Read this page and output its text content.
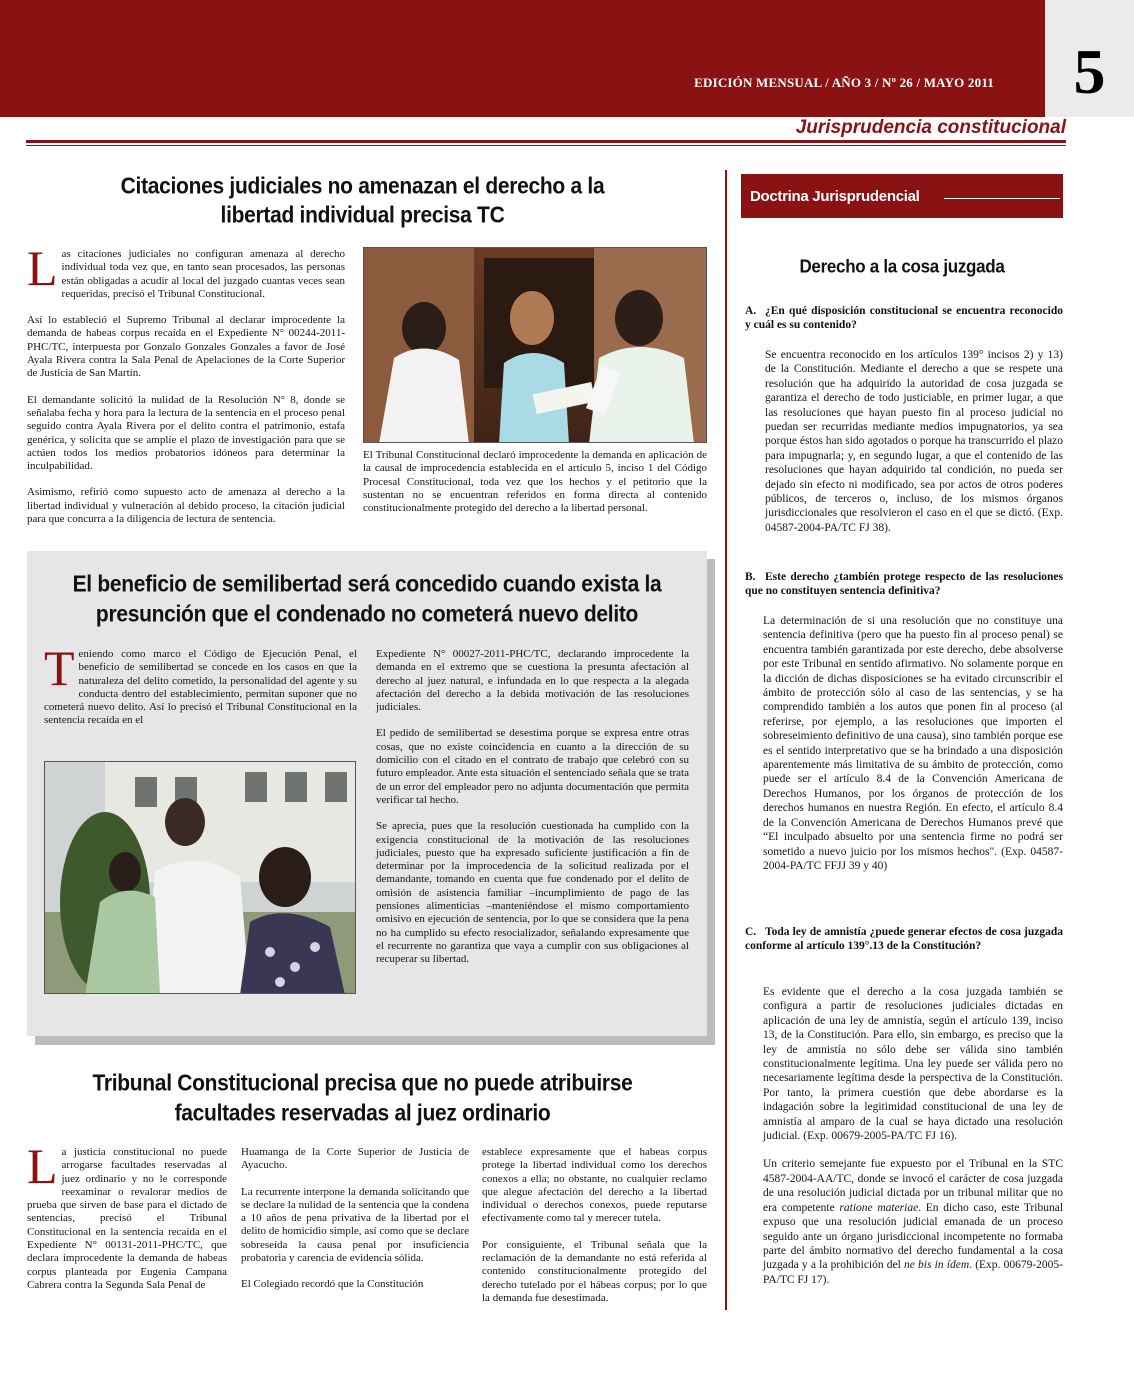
EDICIÓN MENSUAL / AÑO 3 / Nº 26 / MAYO 2011	5
Jurisprudencia constitucional
Citaciones judiciales no amenazan el derecho a la
libertad individual precisa TC

Las citaciones judiciales no configuran amenaza al derecho individual toda vez que, en tanto sean procesados, las personas están obligadas a acudir al local del juzgado cuantas veces sean requeridas, precisó el Tribunal Constitucional.

Así lo estableció el Supremo Tribunal al declarar improcedente la demanda de habeas corpus recaída en el Expediente N° 00244-2011-PHC/TC, interpuesta por Gonzalo Gonzales Gonzales a favor de José Ayala Rivera contra la Sala Penal de Apelaciones de la Corte Superior de Justicia de San Martín.

El demandante solicitó la nulidad de la Resolución N° 8, donde se señalaba fecha y hora para la lectura de la sentencia en el proceso penal seguido contra Ayala Rivera por el delito contra el patrimonio, estafa genérica, y solicita que se amplíe el plazo de investigación para que se actúen todos los medios probatorios idóneos para determinar la inculpabilidad.

Asimismo, refirió como supuesto acto de amenaza al derecho a la libertad individual y vulneración al debido proceso, la citación judicial para que concurra a la diligencia de lectura de sentencia.

El Tribunal Constitucional declaró improcedente la demanda en aplicación de la causal de improcedencia establecida en el artículo 5, inciso 1 del Código Procesal Constitucional, toda vez que los hechos y el petitorio que la sustentan no se encuentran referidos en forma directa al contenido constitucionalmente protegido del derecho a la libertad personal.
El beneficio de semilibertad será concedido cuando exista la
presunción que el condenado no cometerá nuevo delito

Teniendo como marco el Código de Ejecución Penal, el beneficio de semilibertad se concede en los casos en que la naturaleza del delito cometido, la personalidad del agente y su conducta dentro del establecimiento, permitan suponer que no cometerá nuevo delito. Así lo precisó el Tribunal Constitucional en la sentencia recaída en el

Expediente N° 00027-2011-PHC/TC, declarando improcedente la demanda en el extremo que se cuestiona la presunta afectación al derecho al juez natural, e infundada en lo que respecta a la alegada afectación del derecho a la debida motivación de las resoluciones judiciales.

El pedido de semilibertad se desestima porque se expresa entre otras cosas, que no existe coincidencia en cuanto a la dirección de su domicilio con el citado en el contrato de trabajo que celebró con su futuro empleador. Ante esta situación el sentenciado señala que se trata de un error del empleador pero no adjunta documentación que permita verificar tal hecho.

Se aprecia, pues que la resolución cuestionada ha cumplido con la exigencia constitucional de la motivación de las resoluciones judiciales, puesto que ha expresado suficiente justificación a fin de determinar por la improcedencia de la solicitud realizada por el demandante, tomando en cuenta que fue condenado por el delito de omisión de asistencia familiar –incumplimiento de pago de las pensiones alimenticias –manteniéndose el mismo comportamiento omisivo en ejecución de sentencia, por lo que se considera que la pena no ha cumplido su efecto resocializador, señalando expresamente que el recurrente no garantiza que vaya a cumplir con sus obligaciones al recuperar su libertad.

Tribunal Constitucional precisa que no puede atribuirse
facultades reservadas al juez ordinario

La justicia constitucional no puede arrogarse facultades reservadas al juez ordinario y no le corresponde reexaminar o revalorar medios de prueba que sirven de base para el dictado de sentencias, precisó el Tribunal Constitucional en la sentencia recaída en el Expediente N° 00131-2011-PHC/TC, que declara improcedente la demanda de habeas corpus planteada por Eugenia Campana Cabrera contra la Segunda Sala Penal de

Huamanga de la Corte Superior de Justicia de Ayacucho.

La recurrente interpone la demanda solicitando que se declare la nulidad de la sentencia que la condena a 10 años de pena privativa de la libertad por el delito de homicidio simple, así como que se declare sobreseída la causa penal por insuficiencia probatoria y carencia de evidencia sólida.

El Colegiado recordó que la Constitución

establece expresamente que el habeas corpus protege la libertad individual como los derechos conexos a ella; no obstante, no cualquier reclamo que alegue afectación del derecho a la libertad individual o derechos conexos, puede reputarse efectivamente como tal y merecer tutela.

Por consiguiente, el Tribunal señala que la reclamación de la demandante no está referida al contenido constitucionalmente protegido del derecho tutelado por el hábeas corpus; por lo que la demanda fue desestimada.

Doctrina Jurisprudencial
Derecho a la cosa juzgada
A. ¿En qué disposición constitucional se encuentra reconocido y cuál es su contenido?

Se encuentra reconocido en los artículos 139° incisos 2) y 13) de la Constitución. Mediante el derecho a que se respete una resolución que ha adquirido la autoridad de cosa juzgada se garantiza el derecho de todo justiciable, en primer lugar, a que las resoluciones que hayan puesto fin al proceso judicial no puedan ser recurridas mediante medios impugnatorios, ya sea porque éstos han sido agotados o porque ha transcurrido el plazo para impugnarla; y, en segundo lugar, a que el contenido de las resoluciones que hayan adquirido tal condición, no pueda ser dejado sin efecto ni modificado, sea por actos de otros poderes públicos, de terceros o, incluso, de los mismos órganos jurisdiccionales que resolvieron el caso en el que se dictó. (Exp. 04587-2004-PA/TC FJ 38).

B. Este derecho ¿también protege respecto de las resoluciones que no constituyen sentencia definitiva?

La determinación de si una resolución que no constituye una sentencia definitiva (pero que ha puesto fin al proceso penal) se encuentra también garantizada por este derecho, debe absolverse por este Tribunal en sentido afirmativo. No solamente porque en la dicción de dichas disposiciones se ha evitado circunscribir el ámbito de protección sólo al caso de las sentencias, y se ha comprendido también a los autos que ponen fin al proceso (al referirse, por ejemplo, a las resoluciones que importen el sobreseimiento definitivo de una causa), sino también porque ese es el sentido interpretativo que se ha brindado a una disposición aparentemente más limitativa de su ámbito de protección, como puede ser el artículo 8.4 de la Convención Americana de Derechos Humanos, por los órganos de protección de los derechos humanos en nuestra Región. En efecto, el artículo 8.4 de la Convención Americana de Derechos Humanos prevé que “El inculpado absuelto por una sentencia firme no podrá ser sometido a nuevo juicio por los mismos hechos". (Exp. 04587-2004-PA/TC FFJJ 39 y 40)

C. Toda ley de amnistía ¿puede generar efectos de cosa juzgada conforme al artículo 139°.13 de la Constitución?

Es evidente que el derecho a la cosa juzgada también se configura a partir de resoluciones judiciales dictadas en aplicación de una ley de amnistía, según el artículo 139, inciso 13, de la Constitución. Para ello, sin embargo, es preciso que la ley de amnistía no sólo debe ser válida sino también constitucionalmente legítima. Una ley puede ser válida pero no necesariamente legítima desde la perspectiva de la Constitución. Por tanto, la primera cuestión que debe abordarse es la indagación sobre la legitimidad constitucional de una ley de amnistía al amparo de la cual se haya dictado una resolución judicial. (Exp. 00679-2005-PA/TC FJ 16).

Un criterio semejante fue expuesto por el Tribunal en la STC 4587-2004-AA/TC, donde se invocó el carácter de cosa juzgada de una resolución judicial dictada por un tribunal militar que no era competente ratione materiae. En dicho caso, este Tribunal expuso que una resolución judicial emanada de un proceso seguido ante un órgano jurisdiccional incompetente no formaba parte del ámbito normativo del derecho fundamental a la cosa juzgada y a la prohibición del ne bis in ídem. (Exp. 00679-2005-PA/TC FJ 17).
